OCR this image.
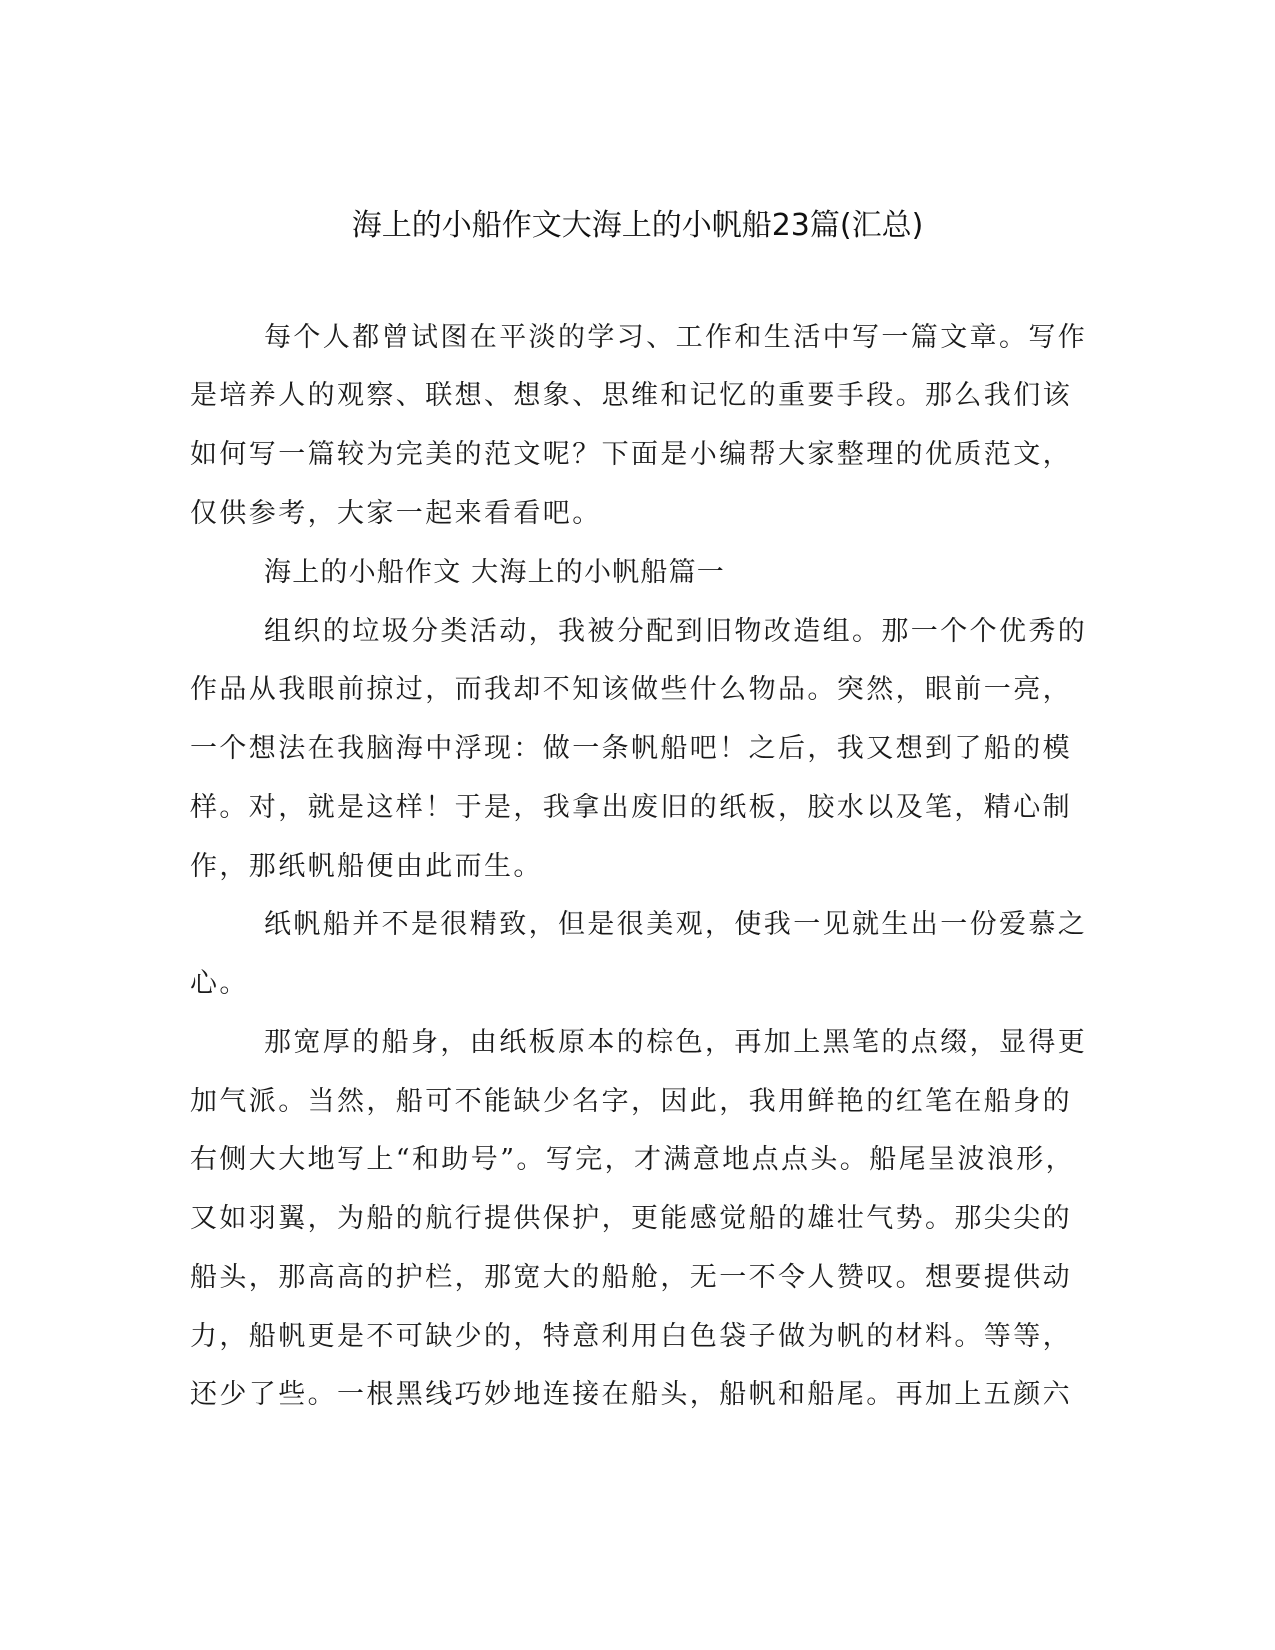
海上的小船作文大海上的小帆船23篇(汇总)
每个人都曾试图在平淡的学习、工作和生活中写一篇文章。写作
是培养人的观察、联想、想象、思维和记忆的重要手段。那么我们该
如何写一篇较为完美的范文呢？下面是小编帮大家整理的优质范文，
仅供参考，大家一起来看看吧。
海上的小船作文 大海上的小帆船篇一
组织的垃圾分类活动，我被分配到旧物改造组。那一个个优秀的
作品从我眼前掠过，而我却不知该做些什么物品。突然，眼前一亮，
一个想法在我脑海中浮现：做一条帆船吧！之后，我又想到了船的模
样。对，就是这样！于是，我拿出废旧的纸板，胶水以及笔，精心制
作，那纸帆船便由此而生。
纸帆船并不是很精致，但是很美观，使我一见就生出一份爱慕之
心。
那宽厚的船身，由纸板原本的棕色，再加上黑笔的点缀，显得更
加气派。当然，船可不能缺少名字，因此，我用鲜艳的红笔在船身的
右侧大大地写上“和助号”。写完，才满意地点点头。船尾呈波浪形，
又如羽翼，为船的航行提供保护，更能感觉船的雄壮气势。那尖尖的
船头，那高高的护栏，那宽大的船舱，无一不令人赞叹。想要提供动
力，船帆更是不可缺少的，特意利用白色袋子做为帆的材料。等等，
还少了些。一根黑线巧妙地连接在船头，船帆和船尾。再加上五颜六
